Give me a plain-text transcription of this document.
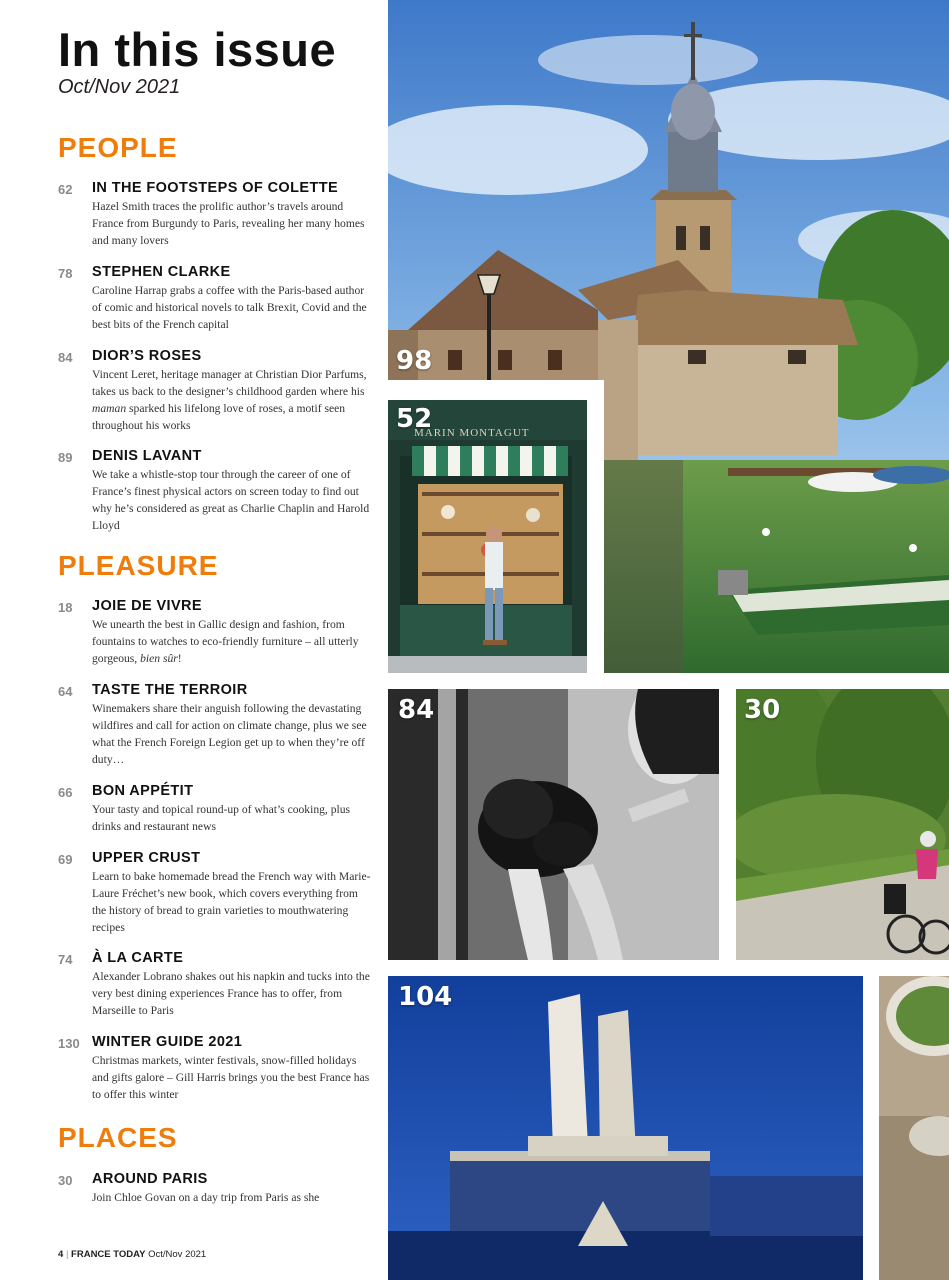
In this issue
Oct/Nov 2021
PEOPLE
62 IN THE FOOTSTEPS OF COLETTE
Hazel Smith traces the prolific author’s travels around France from Burgundy to Paris, revealing her many homes and many lovers
78 STEPHEN CLARKE
Caroline Harrap grabs a coffee with the Paris-based author of comic and historical novels to talk Brexit, Covid and the best bits of the French capital
84 DIOR’S ROSES
Vincent Leret, heritage manager at Christian Dior Parfums, takes us back to the designer’s childhood garden where his maman sparked his lifelong love of roses, a motif seen throughout his works
89 DENIS LAVANT
We take a whistle-stop tour through the career of one of France’s finest physical actors on screen today to find out why he’s considered as great as Charlie Chaplin and Harold Lloyd
PLEASURE
18 JOIE DE VIVRE
We unearth the best in Gallic design and fashion, from fountains to watches to eco-friendly furniture – all utterly gorgeous, bien sûr!
64 TASTE THE TERROIR
Winemakers share their anguish following the devastating wildfires and call for action on climate change, plus we see what the French Foreign Legion get up to when they’re off duty…
66 BON APPÉTIT
Your tasty and topical round-up of what’s cooking, plus drinks and restaurant news
69 UPPER CRUST
Learn to bake homemade bread the French way with Marie-Laure Fréchet’s new book, which covers everything from the history of bread to grain varieties to mouthwatering recipes
74 À LA CARTE
Alexander Lobrano shakes out his napkin and tucks into the very best dining experiences France has to offer, from Marseille to Paris
130 WINTER GUIDE 2021
Christmas markets, winter festivals, snow-filled holidays and gifts galore – Gill Harris brings you the best France has to offer this winter
PLACES
30 AROUND PARIS
Join Chloe Govan on a day trip from Paris as she
4 | FRANCE TODAY Oct/Nov 2021
98
MARIN MONTAGUT
52
84	30
104
